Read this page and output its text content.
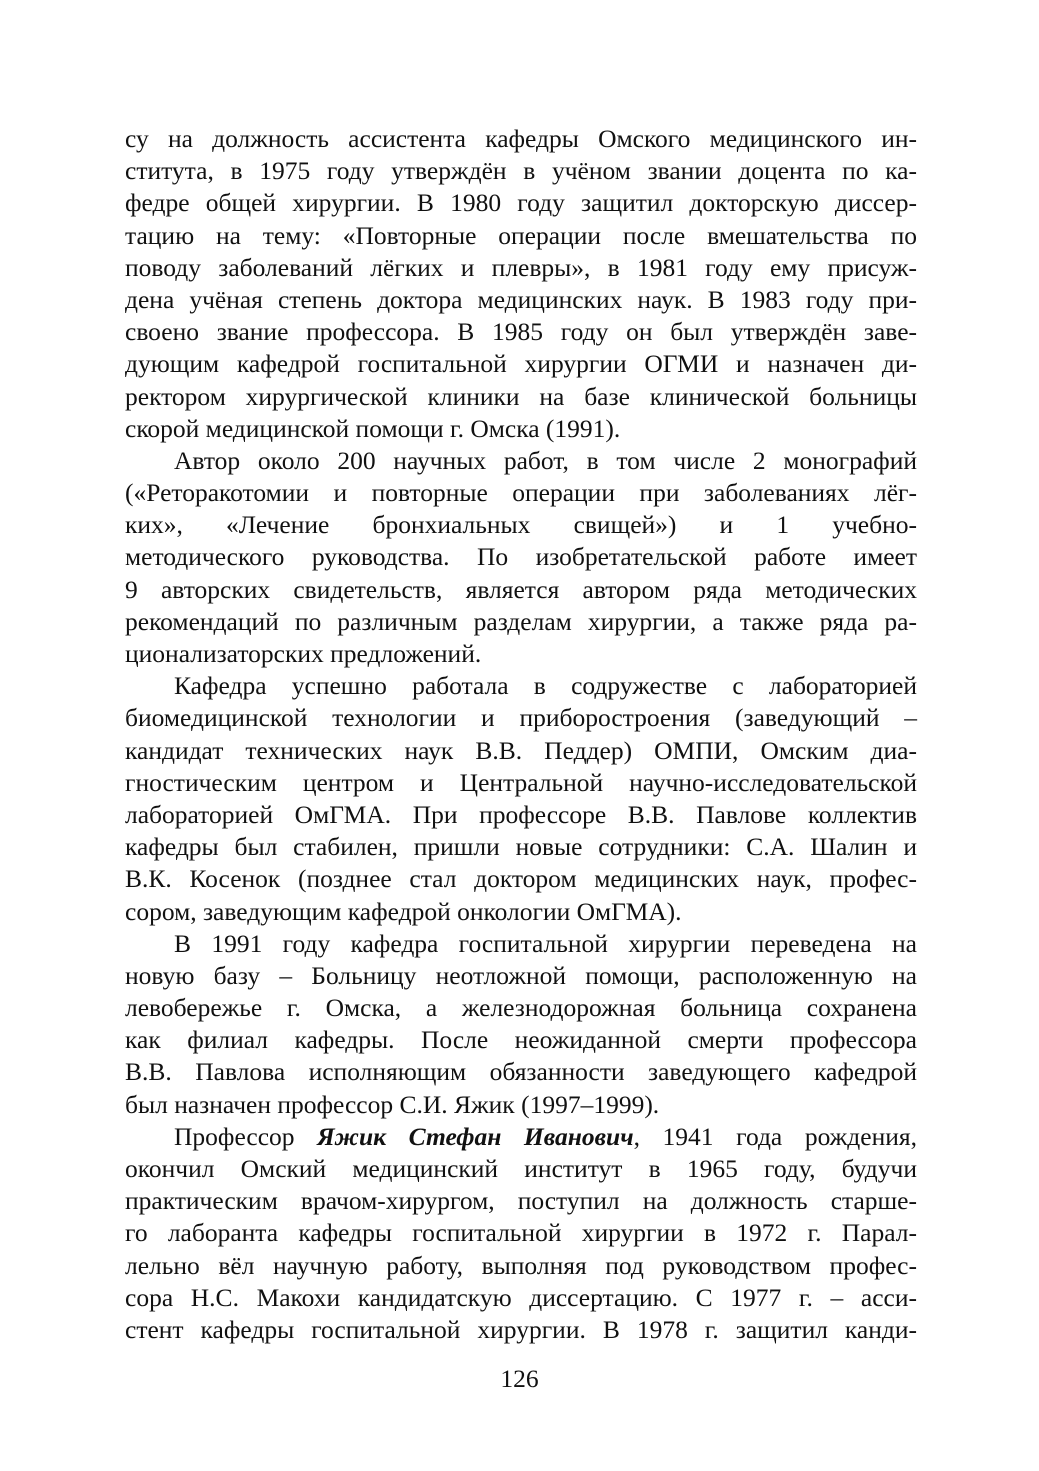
су на должность ассистента кафедры Омского медицинского ин-
ститута, в 1975 году утверждён в учёном звании доцента по ка-
федре общей хирургии. В 1980 году защитил докторскую диссер-
тацию на тему: «Повторные операции после вмешательства по
поводу заболеваний лёгких и плевры», в 1981 году ему присуж-
дена учёная степень доктора медицинских наук. В 1983 году при-
своено звание профессора. В 1985 году он был утверждён заве-
дующим кафедрой госпитальной хирургии ОГМИ и назначен ди-
ректором хирургической клиники на базе клинической больницы
скорой медицинской помощи г. Омска (1991).
Автор около 200 научных работ, в том числе 2 монографий
(«Реторакотомии и повторные операции при заболеваниях лёг-
ких», «Лечение бронхиальных свищей») и 1 учебно-
методического руководства. По изобретательской работе имеет
9 авторских свидетельств, является автором ряда методических
рекомендаций по различным разделам хирургии, а также ряда ра-
ционализаторских предложений.
Кафедра успешно работала в содружестве с лабораторией
биомедицинской технологии и приборостроения (заведующий –
кандидат технических наук В.В. Педдер) ОМПИ, Омским диа-
гностическим центром и Центральной научно-исследовательской
лабораторией ОмГМА. При профессоре В.В. Павлове коллектив
кафедры был стабилен, пришли новые сотрудники: С.А. Шалин и
В.К. Косенок (позднее стал доктором медицинских наук, профес-
сором, заведующим кафедрой онкологии ОмГМА).
В 1991 году кафедра госпитальной хирургии переведена на
новую базу – Больницу неотложной помощи, расположенную на
левобережье г. Омска, а железнодорожная больница сохранена
как филиал кафедры. После неожиданной смерти профессора
В.В. Павлова исполняющим обязанности заведующего кафедрой
был назначен профессор С.И. Яжик (1997–1999).
Профессор Яжик Стефан Иванович, 1941 года рождения,
окончил Омский медицинский институт в 1965 году, будучи
практическим врачом-хирургом, поступил на должность старше-
го лаборанта кафедры госпитальной хирургии в 1972 г. Парал-
лельно вёл научную работу, выполняя под руководством профес-
сора Н.С. Макохи кандидатскую диссертацию. С 1977 г. – асси-
стент кафедры госпитальной хирургии. В 1978 г. защитил канди-
126
